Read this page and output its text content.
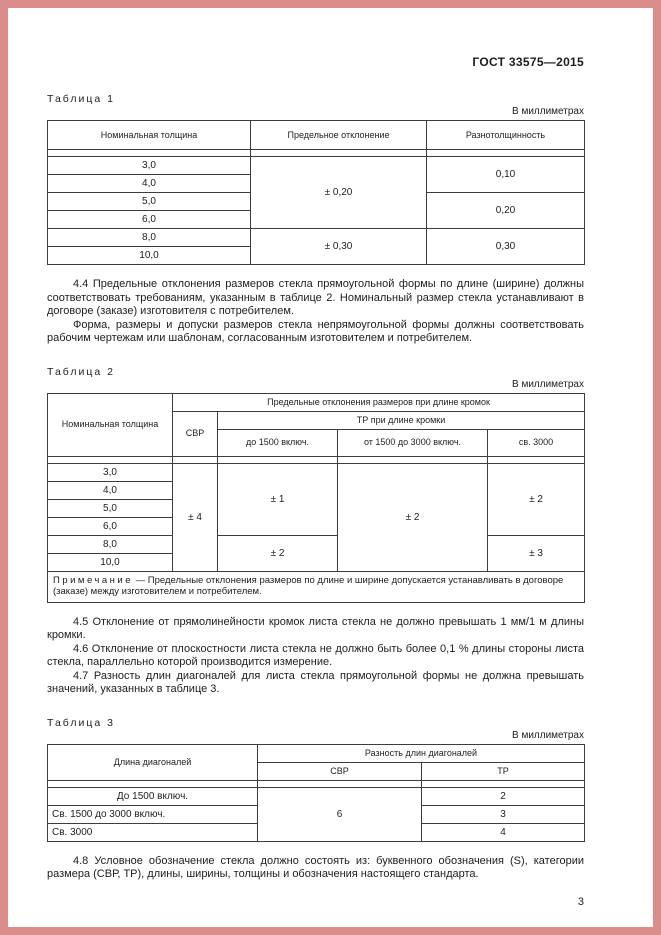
ГОСТ 33575—2015
Таблица 1
В миллиметрах
Номинальная толщина	Предельное отклонение	Разнотолщинность

3,0	± 0,20	0,10
4,0		
5,0		0,20
6,0		
8,0	± 0,30	0,30
10,0		

4.4 Предельные отклонения размеров стекла прямоугольной формы по длине (ширине) должны соответствовать требованиям, указанным в таблице 2. Номинальный размер стекла устанавливают в договоре (заказе) изготовителя с потребителем.

Форма, размеры и допуски размеров стекла непрямоугольной формы должны соответствовать рабочим чертежам или шаблонам, согласованным изготовителем и потребителем.

Таблица 2
В миллиметрах
Номинальная толщина	Предельные отклонения размеров при длине кромок			
	СВР	ТР при длине кромки		
		до 1500 включ.	от 1500 до 3000 включ.	св. 3000

3,0	± 4	± 1	± 2	± 2
4,0				
5,0				
6,0				
8,0		± 2		± 3
10,0				
Примечание — Предельные отклонения размеров по длине и ширине допускается устанавливать в договоре (заказе) между изготовителем и потребителем.				

4.5 Отклонение от прямолинейности кромок листа стекла не должно превышать 1 мм/1 м длины кромки.

4.6 Отклонение от плоскостности листа стекла не должно быть более 0,1 % длины стороны листа стекла, параллельно которой производится измерение.

4.7 Разность длин диагоналей для листа стекла прямоугольной формы не должна превышать значений, указанных в таблице 3.

Таблица 3
В миллиметрах
Длина диагоналей	Разность длин диагоналей	
	СВР	ТР

До 1500 включ.	6	2
Св. 1500 до 3000 включ.		3
Св. 3000		4

4.8 Условное обозначение стекла должно состоять из: буквенного обозначения (S), категории размера (СВР, ТР), длины, ширины, толщины и обозначения настоящего стандарта.

3
